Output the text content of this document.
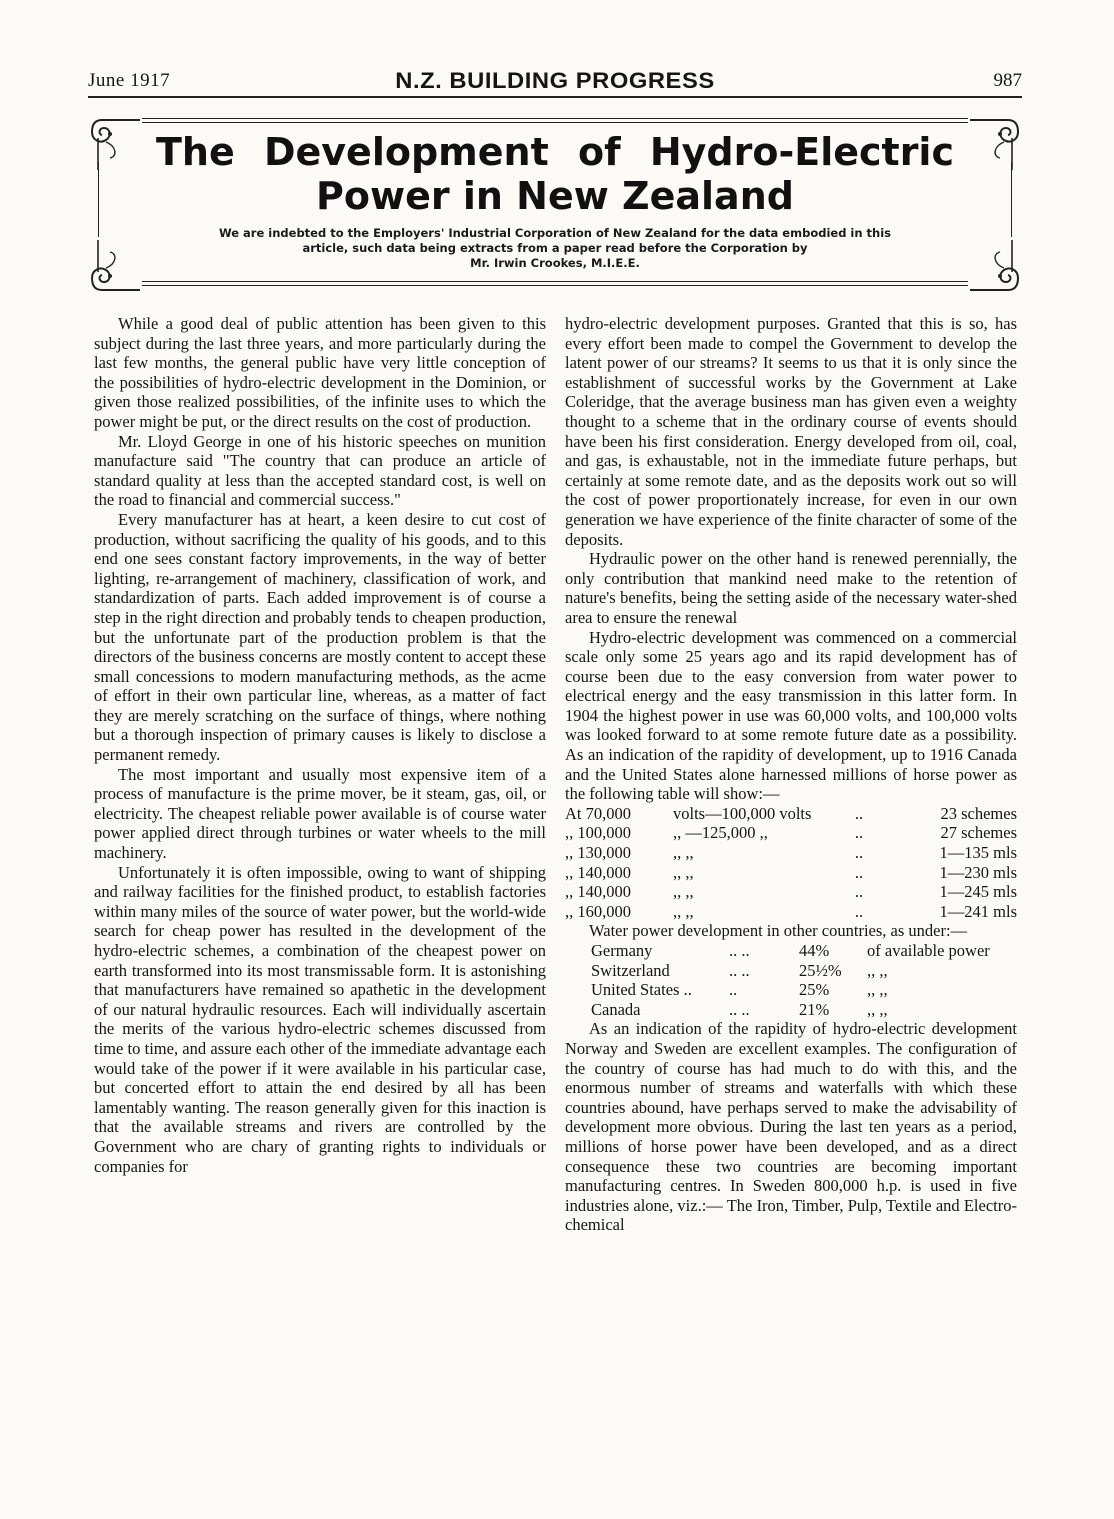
June 1917	N.Z. BUILDING PROGRESS	987
The Development of Hydro-Electric
Power in New Zealand
We are indebted to the Employers' Industrial Corporation of New Zealand for the data embodied in this
article, such data being extracts from a paper read before the Corporation by
Mr. Irwin Crookes, M.I.E.E.

While a good deal of public attention has been given to this subject during the last three years, and more particularly during the last few months, the general public have very little conception of the possibilities of hydro-electric development in the Dominion, or given those realized possibilities, of the infinite uses to which the power might be put, or the direct results on the cost of production.

Mr. Lloyd George in one of his historic speeches on munition manufacture said "The country that can produce an article of standard quality at less than the accepted standard cost, is well on the road to financial and commercial success."

Every manufacturer has at heart, a keen desire to cut cost of production, without sacrificing the quality of his goods, and to this end one sees constant factory improvements, in the way of better lighting, re-arrangement of machinery, classification of work, and standardization of parts. Each added improvement is of course a step in the right direction and probably tends to cheapen production, but the unfortunate part of the production problem is that the directors of the business concerns are mostly content to accept these small concessions to modern manufacturing methods, as the acme of effort in their own particular line, whereas, as a matter of fact they are merely scratching on the surface of things, where nothing but a thorough inspection of primary causes is likely to disclose a permanent remedy.

The most important and usually most expensive item of a process of manufacture is the prime mover, be it steam, gas, oil, or electricity. The cheapest reliable power available is of course water power applied direct through turbines or water wheels to the mill machinery.

Unfortunately it is often impossible, owing to want of shipping and railway facilities for the finished product, to establish factories within many miles of the source of water power, but the world-wide search for cheap power has resulted in the development of the hydro-electric schemes, a combination of the cheapest power on earth transformed into its most transmissable form. It is astonishing that manufacturers have remained so apathetic in the development of our natural hydraulic resources. Each will individually ascertain the merits of the various hydro-electric schemes discussed from time to time, and assure each other of the immediate advantage each would take of the power if it were available in his particular case, but concerted effort to attain the end desired by all has been lamentably wanting. The reason generally given for this inaction is that the available streams and rivers are controlled by the Government who are chary of granting rights to individuals or companies for

hydro-electric development purposes. Granted that this is so, has every effort been made to compel the Government to develop the latent power of our streams? It seems to us that it is only since the establishment of successful works by the Government at Lake Coleridge, that the average business man has given even a weighty thought to a scheme that in the ordinary course of events should have been his first consideration. Energy developed from oil, coal, and gas, is exhaustable, not in the immediate future perhaps, but certainly at some remote date, and as the deposits work out so will the cost of power proportionately increase, for even in our own generation we have experience of the finite character of some of the deposits.

Hydraulic power on the other hand is renewed perennially, the only contribution that mankind need make to the retention of nature's benefits, being the setting aside of the necessary water-shed area to ensure the renewal

Hydro-electric development was commenced on a commercial scale only some 25 years ago and its rapid development has of course been due to the easy conversion from water power to electrical energy and the easy transmission in this latter form. In 1904 the highest power in use was 60,000 volts, and 100,000 volts was looked forward to at some remote future date as a possibility. As an indication of the rapidity of development, up to 1916 Canada and the United States alone harnessed millions of horse power as the following table will show:—

At 70,000	volts—100,000 volts	..	23 schemes
,, 100,000	,, —125,000 ,,	..	27 schemes
,, 130,000	,, ,,	..	1—135 mls
,, 140,000	,, ,,	..	1—230 mls
,, 140,000	,, ,,	..	1—245 mls
,, 160,000	,, ,,	..	1—241 mls

Water power development in other countries, as under:—

Germany	.. ..	44%	of available power
Switzerland	.. ..	25½%	,, ,,
United States ..	..	25%	,, ,,
Canada	.. ..	21%	,, ,,

As an indication of the rapidity of hydro-electric development Norway and Sweden are excellent examples. The configuration of the country of course has had much to do with this, and the enormous number of streams and waterfalls with which these countries abound, have perhaps served to make the advisability of development more obvious. During the last ten years as a period, millions of horse power have been developed, and as a direct consequence these two countries are becoming important manufacturing centres. In Sweden 800,000 h.p. is used in five industries alone, viz.:— The Iron, Timber, Pulp, Textile and Electro-chemical
